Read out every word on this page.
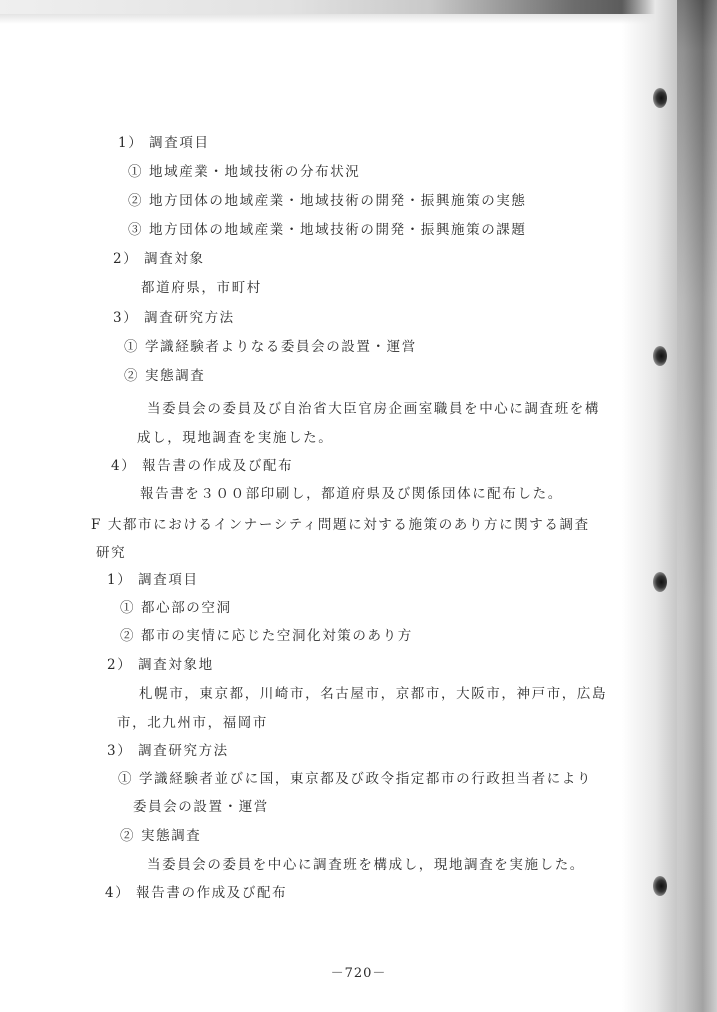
1） 調査項目
① 地域産業・地域技術の分布状況
② 地方団体の地域産業・地域技術の開発・振興施策の実態
③ 地方団体の地域産業・地域技術の開発・振興施策の課題
2） 調査対象
都道府県，市町村
3） 調査研究方法
① 学識経験者よりなる委員会の設置・運営
② 実態調査
当委員会の委員及び自治省大臣官房企画室職員を中心に調査班を構
成し，現地調査を実施した。
4） 報告書の作成及び配布
報告書を３００部印刷し，都道府県及び関係団体に配布した。
F 大都市におけるインナーシティ問題に対する施策のあり方に関する調査
研究
1） 調査項目
① 都心部の空洞
② 都市の実情に応じた空洞化対策のあり方
2） 調査対象地
札幌市，東京都，川崎市，名古屋市，京都市，大阪市，神戸市，広島
市，北九州市，福岡市
3） 調査研究方法
① 学識経験者並びに国，東京都及び政令指定都市の行政担当者により
委員会の設置・運営
② 実態調査
当委員会の委員を中心に調査班を構成し，現地調査を実施した。
4） 報告書の作成及び配布
－720－
